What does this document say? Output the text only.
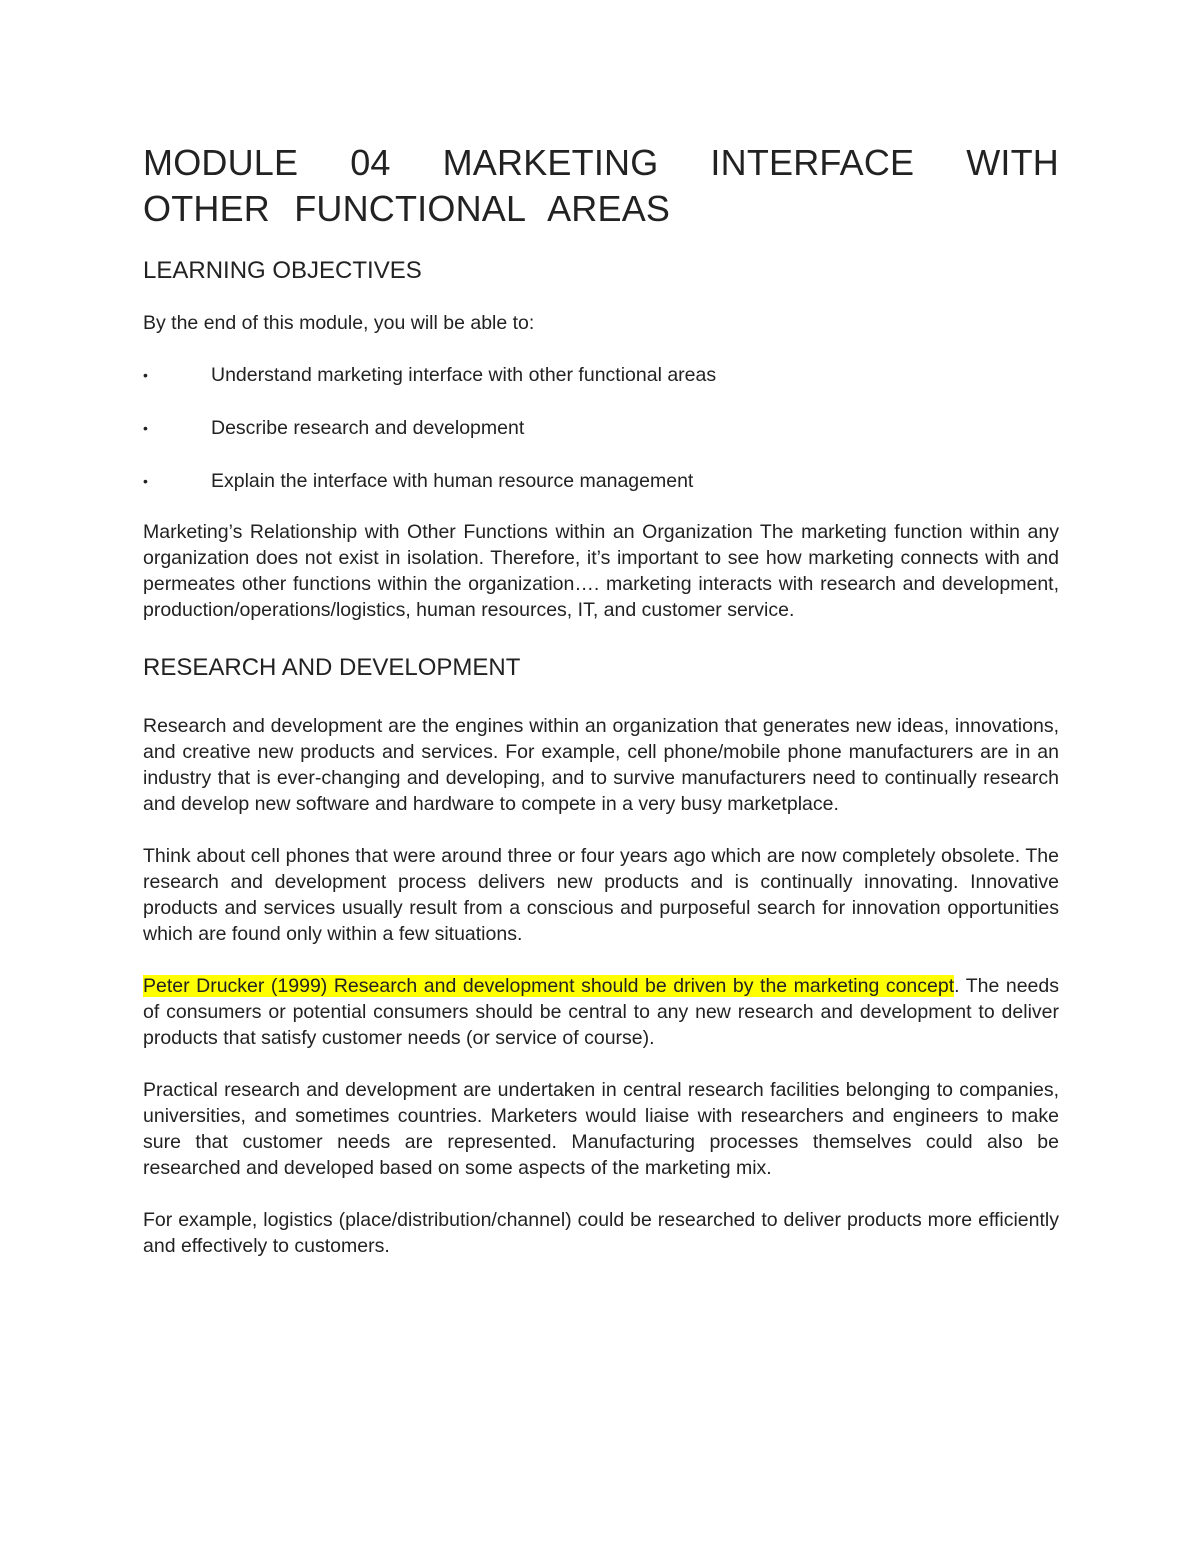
MODULE 04 MARKETING INTERFACE WITH OTHER FUNCTIONAL AREAS
LEARNING OBJECTIVES

By the end of this module, you will be able to:

•	Understand marketing interface with other functional areas
•	Describe research and development
•	Explain the interface with human resource management

Marketing’s Relationship with Other Functions within an Organization The marketing function within any organization does not exist in isolation. Therefore, it’s important to see how marketing connects with and permeates other functions within the organization…. marketing interacts with research and development, production/operations/logistics, human resources, IT, and customer service.

RESEARCH AND DEVELOPMENT

Research and development are the engines within an organization that generates new ideas, innovations, and creative new products and services. For example, cell phone/mobile phone manufacturers are in an industry that is ever-changing and developing, and to survive manufacturers need to continually research and develop new software and hardware to compete in a very busy marketplace.

Think about cell phones that were around three or four years ago which are now completely obsolete. The research and development process delivers new products and is continually innovating. Innovative products and services usually result from a conscious and purposeful search for innovation opportunities which are found only within a few situations.

Peter Drucker (1999) Research and development should be driven by the marketing concept. The needs of consumers or potential consumers should be central to any new research and development to deliver products that satisfy customer needs (or service of course).

Practical research and development are undertaken in central research facilities belonging to companies, universities, and sometimes countries. Marketers would liaise with researchers and engineers to make sure that customer needs are represented. Manufacturing processes themselves could also be researched and developed based on some aspects of the marketing mix.

For example, logistics (place/distribution/channel) could be researched to deliver products more efficiently and effectively to customers.
